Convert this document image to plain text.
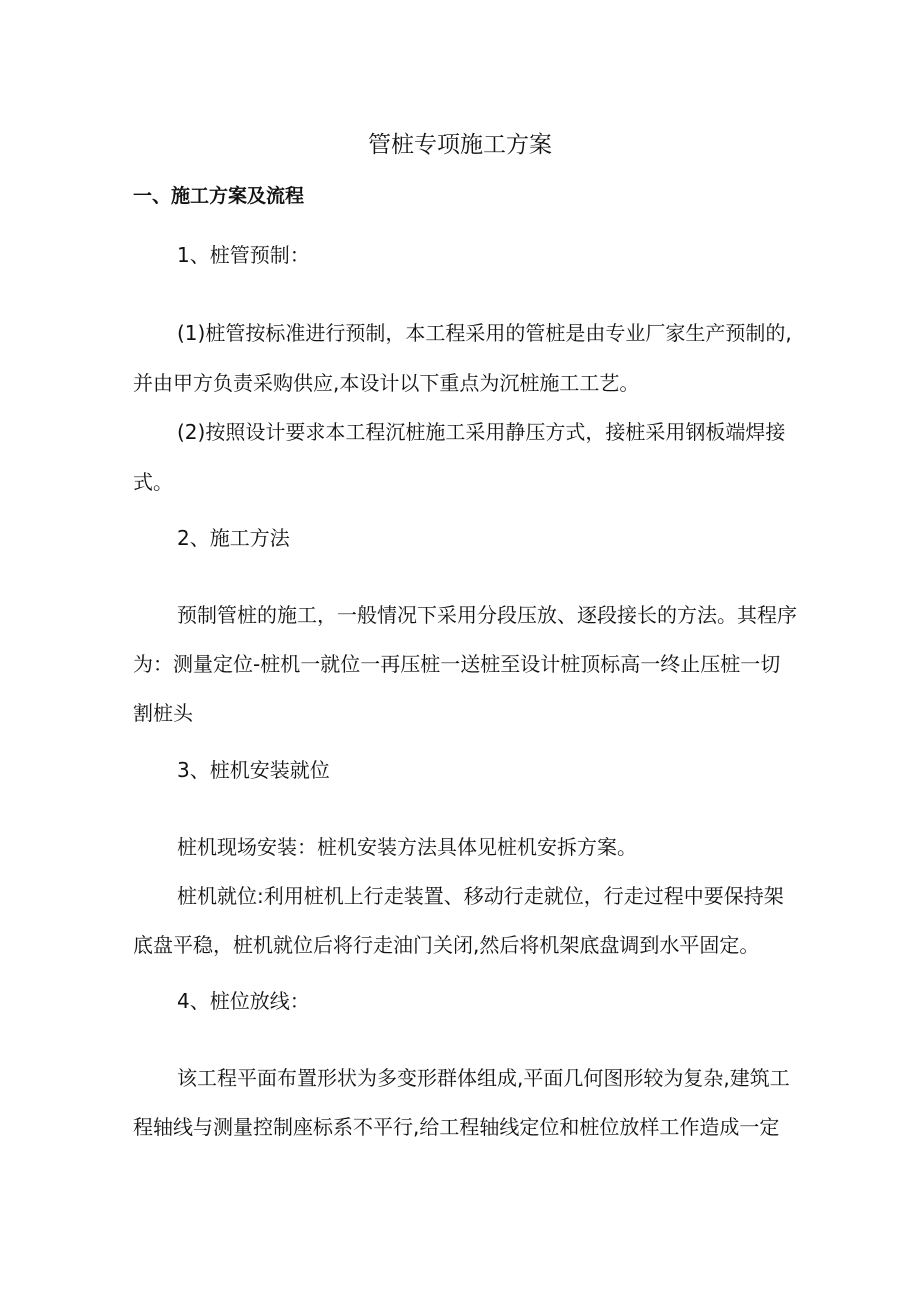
管桩专项施工方案
一、施工方案及流程
1、桩管预制：
(1)桩管按标准进行预制，本工程采用的管桩是由专业厂家生产预制的,
并由甲方负责采购供应,本设计以下重点为沉桩施工工艺。
(2)按照设计要求本工程沉桩施工采用静压方式，接桩采用钢板端焊接
式。
2、施工方法
预制管桩的施工，一般情况下采用分段压放、逐段接长的方法。其程序
为：测量定位-桩机一就位一再压桩一送桩至设计桩顶标高一终止压桩一切
割桩头
3、桩机安装就位
桩机现场安装：桩机安装方法具体见桩机安拆方案。
桩机就位:利用桩机上行走装置、移动行走就位，行走过程中要保持架
底盘平稳，桩机就位后将行走油门关闭,然后将机架底盘调到水平固定。
4、桩位放线：
该工程平面布置形状为多变形群体组成,平面几何图形较为复杂,建筑工
程轴线与测量控制座标系不平行,给工程轴线定位和桩位放样工作造成一定
